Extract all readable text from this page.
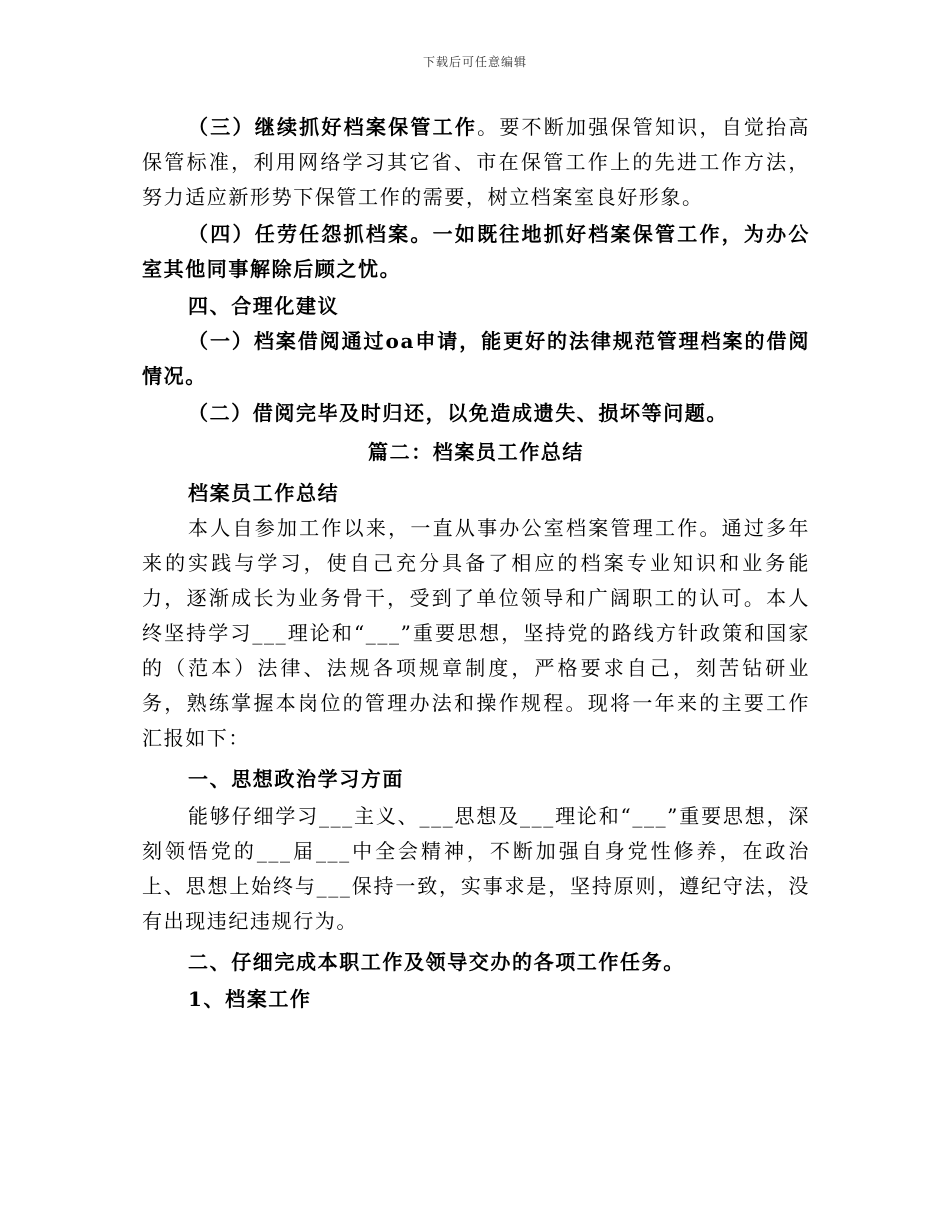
下载后可任意编辑

（三）继续抓好档案保管工作。要不断加强保管知识，自觉抬高保管标准，利用网络学习其它省、市在保管工作上的先进工作方法，努力适应新形势下保管工作的需要，树立档案室良好形象。

（四）任劳任怨抓档案。一如既往地抓好档案保管工作，为办公室其他同事解除后顾之忧。

四、合理化建议

（一）档案借阅通过oa申请，能更好的法律规范管理档案的借阅情况。

（二）借阅完毕及时归还，以免造成遗失、损坏等问题。

篇二：档案员工作总结

档案员工作总结

本人自参加工作以来，一直从事办公室档案管理工作。通过多年来的实践与学习，使自己充分具备了相应的档案专业知识和业务能力，逐渐成长为业务骨干，受到了单位领导和广阔职工的认可。本人终坚持学习___理论和“___”重要思想，坚持党的路线方针政策和国家的（范本）法律、法规各项规章制度，严格要求自己，刻苦钻研业务，熟练掌握本岗位的管理办法和操作规程。现将一年来的主要工作汇报如下：

一、思想政治学习方面

能够仔细学习___主义、___思想及___理论和“___”重要思想，深刻领悟党的___届___中全会精神，不断加强自身党性修养，在政治上、思想上始终与___保持一致，实事求是，坚持原则，遵纪守法，没有出现违纪违规行为。

二、仔细完成本职工作及领导交办的各项工作任务。

1、档案工作
